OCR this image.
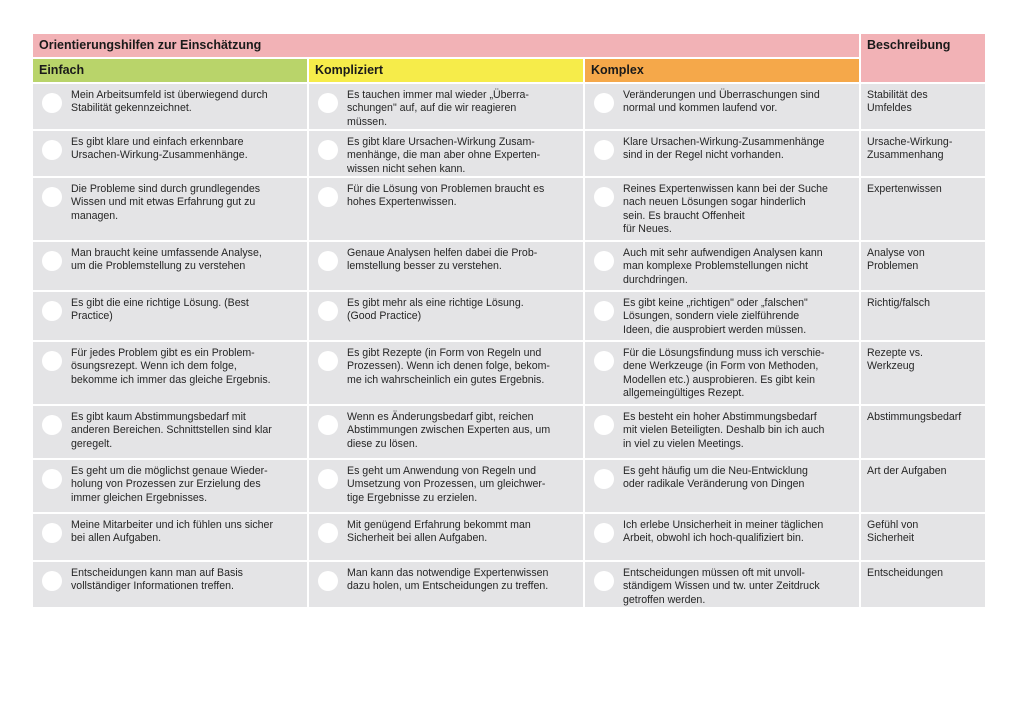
Orientierungshilfen zur Einschätzung			Beschreibung
Einfach	Kompliziert	Komplex	

Mein Arbeitsumfeld ist überwiegend durch
Stabilität gekennzeichnet.	Es tauchen immer mal wieder „Überra-
schungen" auf, auf die wir reagieren
müssen.	Veränderungen und Überraschungen sind
normal und kommen laufend vor.	Stabilität des
Umfeldes

Es gibt klare und einfach erkennbare
Ursachen-Wirkung-Zusammenhänge.	Es gibt klare Ursachen-Wirkung Zusam-
menhänge, die man aber ohne Experten-
wissen nicht sehen kann.	Klare Ursachen-Wirkung-Zusammenhänge
sind in der Regel nicht vorhanden.	Ursache-Wirkung-
Zusammenhang

Die Probleme sind durch grundlegendes
Wissen und mit etwas Erfahrung gut zu
managen.	Für die Lösung von Problemen braucht es
hohes Expertenwissen.	Reines Expertenwissen kann bei der Suche
nach neuen Lösungen sogar hinderlich
sein. Es braucht Offenheit
für Neues.	Expertenwissen

Man braucht keine umfassende Analyse,
um die Problemstellung zu verstehen	Genaue Analysen helfen dabei die Prob-
lemstellung besser zu verstehen.	Auch mit sehr aufwendigen Analysen kann
man komplexe Problemstellungen nicht
durchdringen.	Analyse von
Problemen

Es gibt die eine richtige Lösung. (Best
Practice)	Es gibt mehr als eine richtige Lösung.
(Good Practice)	Es gibt keine „richtigen" oder „falschen"
Lösungen, sondern viele zielführende
Ideen, die ausprobiert werden müssen.	Richtig/falsch

Für jedes Problem gibt es ein Problem-
ösungsrezept. Wenn ich dem folge,
bekomme ich immer das gleiche Ergebnis.	Es gibt Rezepte (in Form von Regeln und
Prozessen). Wenn ich denen folge, bekom-
me ich wahrscheinlich ein gutes Ergebnis.	Für die Lösungsfindung muss ich verschie-
dene Werkzeuge (in Form von Methoden,
Modellen etc.) ausprobieren. Es gibt kein
allgemeingültiges Rezept.	Rezepte vs.
Werkzeug

Es gibt kaum Abstimmungsbedarf mit
anderen Bereichen. Schnittstellen sind klar
geregelt.	Wenn es Änderungsbedarf gibt, reichen
Abstimmungen zwischen Experten aus, um
diese zu lösen.	Es besteht ein hoher Abstimmungsbedarf
mit vielen Beteiligten. Deshalb bin ich auch
in viel zu vielen Meetings.	Abstimmungsbedarf

Es geht um die möglichst genaue Wieder-
holung von Prozessen zur Erzielung des
immer gleichen Ergebnisses.	Es geht um Anwendung von Regeln und
Umsetzung von Prozessen, um gleichwer-
tige Ergebnisse zu erzielen.	Es geht häufig um die Neu-Entwicklung
oder radikale Veränderung von Dingen	Art der Aufgaben

Meine Mitarbeiter und ich fühlen uns sicher
bei allen Aufgaben.	Mit genügend Erfahrung bekommt man
Sicherheit bei allen Aufgaben.	Ich erlebe Unsicherheit in meiner täglichen
Arbeit, obwohl ich hoch-qualifiziert bin.	Gefühl von
Sicherheit

Entscheidungen kann man auf Basis
vollständiger Informationen treffen.	Man kann das notwendige Expertenwissen
dazu holen, um Entscheidungen zu treffen.	Entscheidungen müssen oft mit unvoll-
ständigem Wissen und tw. unter Zeitdruck
getroffen werden.	Entscheidungen
